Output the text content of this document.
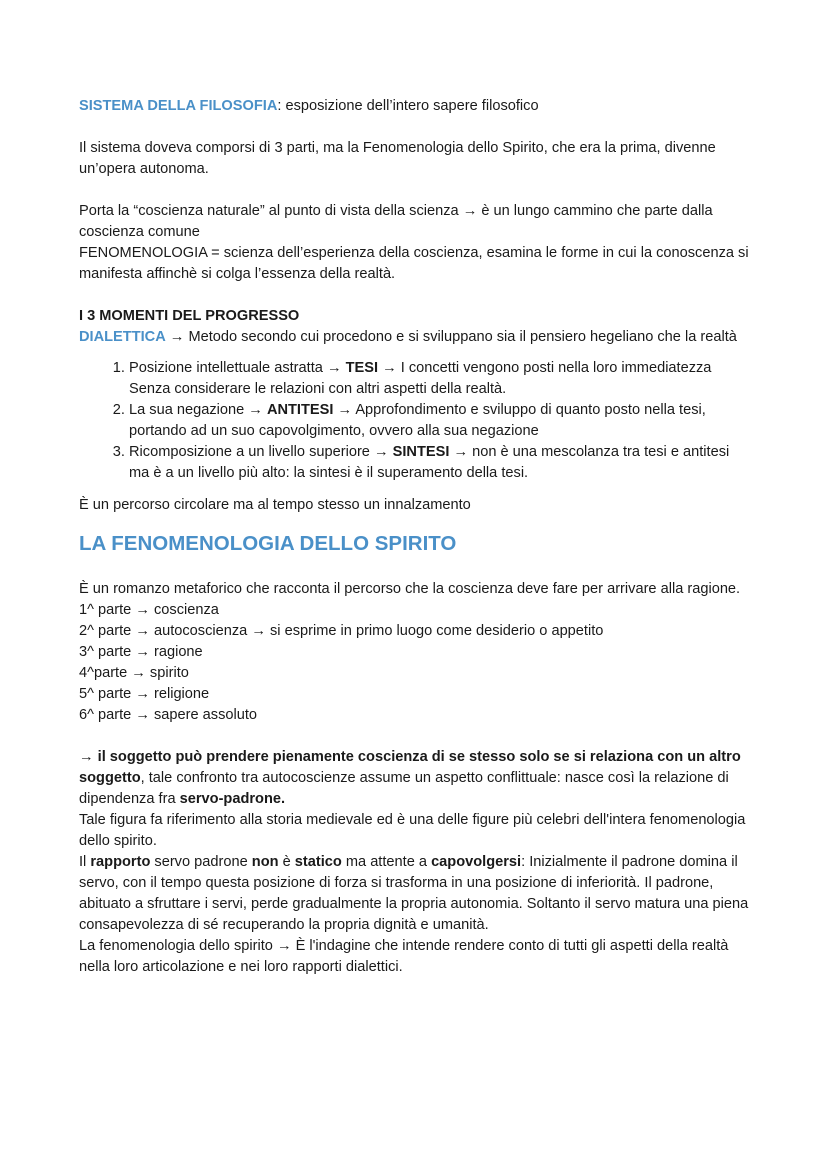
SISTEMA DELLA FILOSOFIA: esposizione dell’intero sapere filosofico

Il sistema doveva comporsi di 3 parti, ma la Fenomenologia dello Spirito, che era la prima, divenne un’opera autonoma.

Porta la “coscienza naturale” al punto di vista della scienza → è un lungo cammino che parte dalla coscienza comune

FENOMENOLOGIA = scienza dell’esperienza della coscienza, esamina le forme in cui la conoscenza si manifesta affinchè si colga l’essenza della realtà.

I 3 MOMENTI DEL PROGRESSO

DIALETTICA → Metodo secondo cui procedono e si sviluppano sia il pensiero hegeliano che la realtà

1. Posizione intellettuale astratta → TESI → I concetti vengono posti nella loro immediatezza Senza considerare le relazioni con altri aspetti della realtà.
2. La sua negazione → ANTITESI → Approfondimento e sviluppo di quanto posto nella tesi, portando ad un suo capovolgimento, ovvero alla sua negazione
3. Ricomposizione a un livello superiore → SINTESI → non è una mescolanza tra tesi e antitesi ma è a un livello più alto: la sintesi è il superamento della tesi.

È un percorso circolare ma al tempo stesso un innalzamento

LA FENOMENOLOGIA DELLO SPIRITO

È un romanzo metaforico che racconta il percorso che la coscienza deve fare per arrivare alla ragione.

1^ parte → coscienza

2^ parte → autocoscienza → si esprime in primo luogo come desiderio o appetito

3^ parte → ragione

4^parte → spirito

5^ parte → religione

6^ parte → sapere assoluto

→ il soggetto può prendere pienamente coscienza di se stesso solo se si relaziona con un altro soggetto, tale confronto tra autocoscienze assume un aspetto conflittuale: nasce così la relazione di dipendenza fra servo-padrone.

Tale figura fa riferimento alla storia medievale ed è una delle figure più celebri dell'intera fenomenologia dello spirito.

Il rapporto servo padrone non è statico ma attente a capovolgersi: Inizialmente il padrone domina il servo, con il tempo questa posizione di forza si trasforma in una posizione di inferiorità. Il padrone, abituato a sfruttare i servi, perde gradualmente la propria autonomia. Soltanto il servo matura una piena consapevolezza di sé recuperando la propria dignità e umanità.

La fenomenologia dello spirito → È l'indagine che intende rendere conto di tutti gli aspetti della realtà nella loro articolazione e nei loro rapporti dialettici.
